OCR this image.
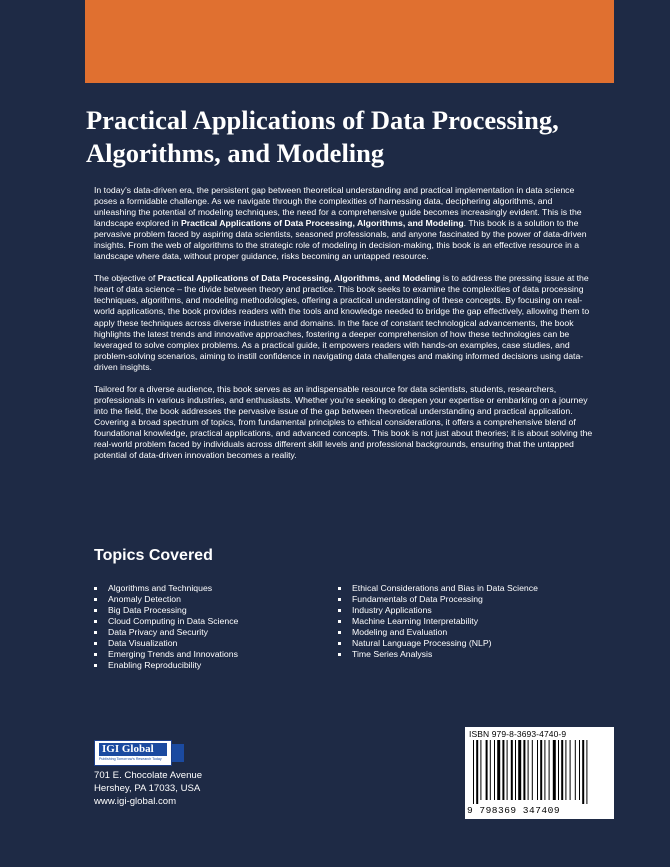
Practical Applications of Data Processing, Algorithms, and Modeling

In today’s data-driven era, the persistent gap between theoretical understanding and practical implementation in data science poses a formidable challenge. As we navigate through the complexities of harnessing data, deciphering algorithms, and unleashing the potential of modeling techniques, the need for a comprehensive guide becomes increasingly evident. This is the landscape explored in Practical Applications of Data Processing, Algorithms, and Modeling. This book is a solution to the pervasive problem faced by aspiring data scientists, seasoned professionals, and anyone fascinated by the power of data-driven insights. From the web of algorithms to the strategic role of modeling in decision-making, this book is an effective resource in a landscape where data, without proper guidance, risks becoming an untapped resource.

The objective of Practical Applications of Data Processing, Algorithms, and Modeling is to address the pressing issue at the heart of data science – the divide between theory and practice. This book seeks to examine the complexities of data processing techniques, algorithms, and modeling methodologies, offering a practical understanding of these concepts. By focusing on real-world applications, the book provides readers with the tools and knowledge needed to bridge the gap effectively, allowing them to apply these techniques across diverse industries and domains. In the face of constant technological advancements, the book highlights the latest trends and innovative approaches, fostering a deeper comprehension of how these technologies can be leveraged to solve complex problems. As a practical guide, it empowers readers with hands-on examples, case studies, and problem-solving scenarios, aiming to instill confidence in navigating data challenges and making informed decisions using data-driven insights.

Tailored for a diverse audience, this book serves as an indispensable resource for data scientists, students, researchers, professionals in various industries, and enthusiasts. Whether you’re seeking to deepen your expertise or embarking on a journey into the field, the book addresses the pervasive issue of the gap between theoretical understanding and practical application. Covering a broad spectrum of topics, from fundamental principles to ethical considerations, it offers a comprehensive blend of foundational knowledge, practical applications, and advanced concepts. This book is not just about theories; it is about solving the real-world problem faced by individuals across different skill levels and professional backgrounds, ensuring that the untapped potential of data-driven innovation becomes a reality.

Topics Covered
Algorithms and Techniques
Anomaly Detection
Big Data Processing
Cloud Computing in Data Science
Data Privacy and Security
Data Visualization
Emerging Trends and Innovations
Enabling Reproducibility
Ethical Considerations and Bias in Data Science
Fundamentals of Data Processing
Industry Applications
Machine Learning Interpretability
Modeling and Evaluation
Natural Language Processing (NLP)
Time Series Analysis
IGI Global
Publishing Tomorrow’s Research Today
701 E. Chocolate Avenue
Hershey, PA 17033, USA
www.igi-global.com
ISBN 979-8-3693-4740-9
9 798369 347409
